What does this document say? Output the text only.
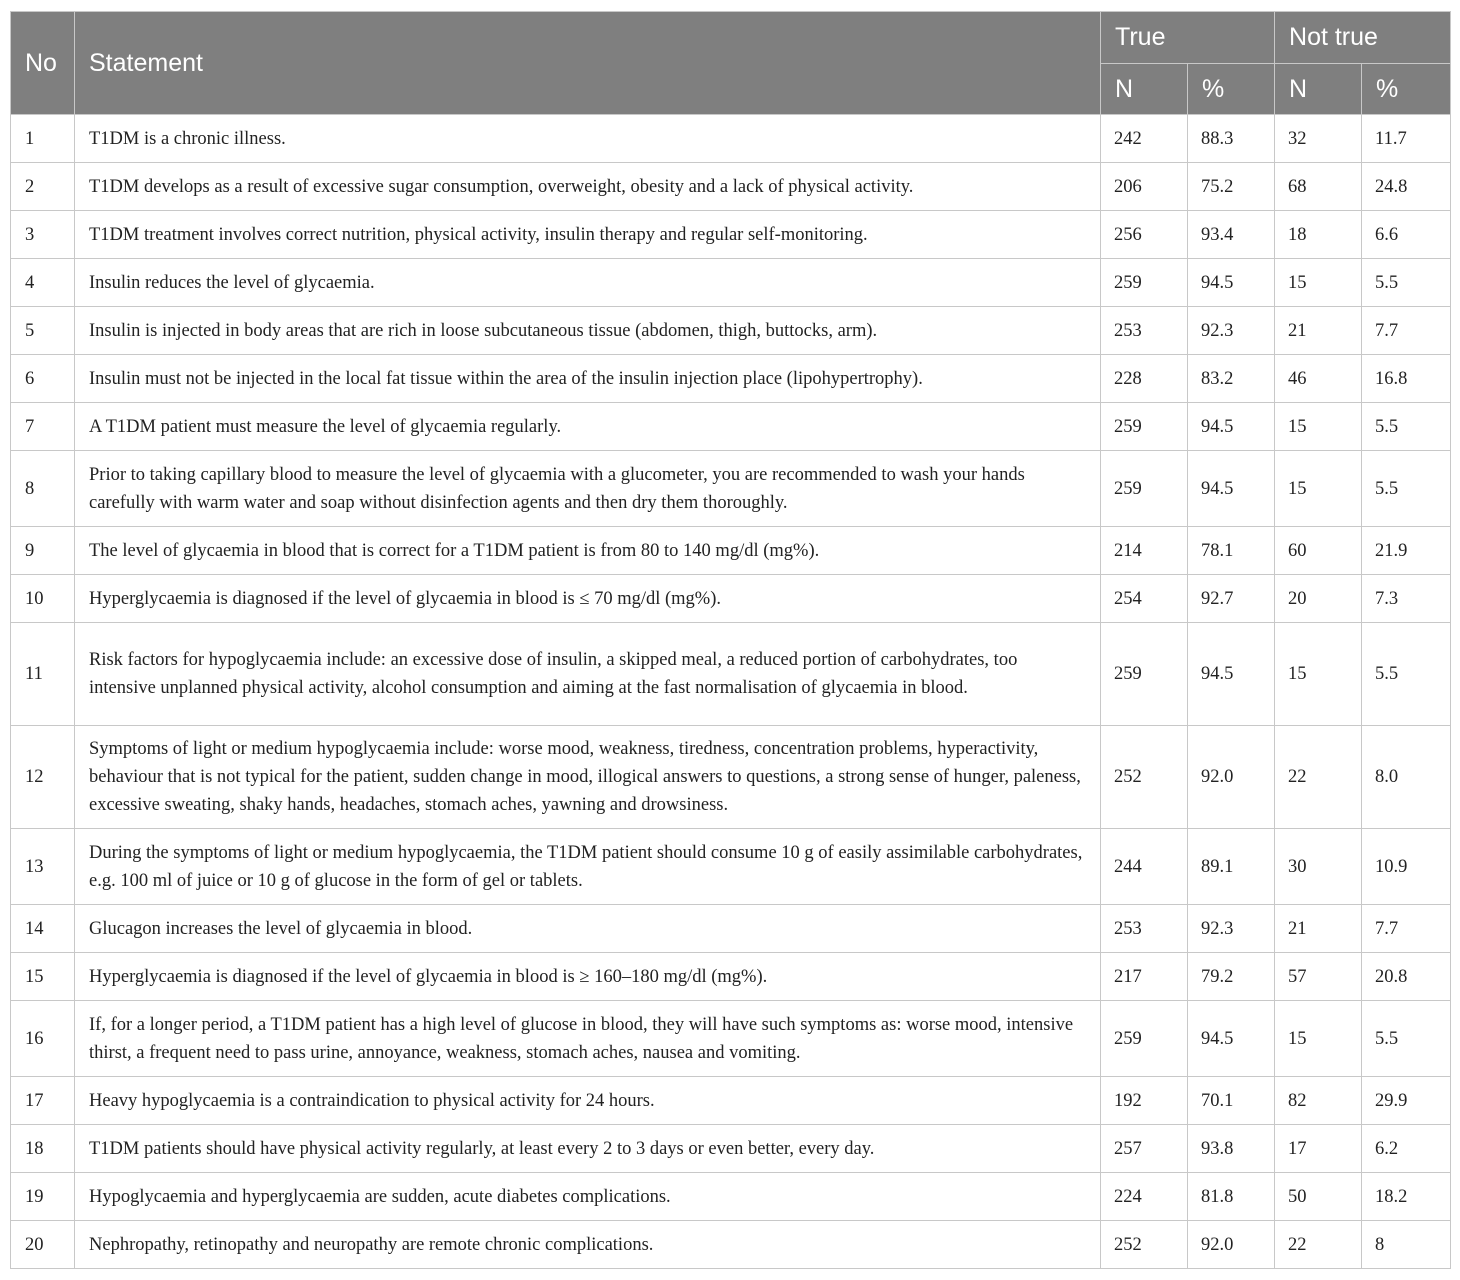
No	Statement	True		Not true	
		N	%	N	%
1	T1DM is a chronic illness.	242	88.3	32	11.7
2	T1DM develops as a result of excessive sugar consumption, overweight, obesity and a lack of physical activity.	206	75.2	68	24.8
3	T1DM treatment involves correct nutrition, physical activity, insulin therapy and regular self-monitoring.	256	93.4	18	6.6
4	Insulin reduces the level of glycaemia.	259	94.5	15	5.5
5	Insulin is injected in body areas that are rich in loose subcutaneous tissue (abdomen, thigh, buttocks, arm).	253	92.3	21	7.7
6	Insulin must not be injected in the local fat tissue within the area of the insulin injection place (lipohypertrophy).	228	83.2	46	16.8
7	A T1DM patient must measure the level of glycaemia regularly.	259	94.5	15	5.5
8	Prior to taking capillary blood to measure the level of glycaemia with a glucometer, you are recommended to wash your hands carefully with warm water and soap without disinfection agents and then dry them thoroughly.	259	94.5	15	5.5
9	The level of glycaemia in blood that is correct for a T1DM patient is from 80 to 140 mg/dl (mg%).	214	78.1	60	21.9
10	Hyperglycaemia is diagnosed if the level of glycaemia in blood is ≤ 70 mg/dl (mg%).	254	92.7	20	7.3
11	Risk factors for hypoglycaemia include: an excessive dose of insulin, a skipped meal, a reduced portion of carbohydrates, too intensive unplanned physical activity, alcohol consumption and aiming at the fast normalisation of glycaemia in blood.	259	94.5	15	5.5
12	Symptoms of light or medium hypoglycaemia include: worse mood, weakness, tiredness, concentration problems, hyperactivity, behaviour that is not typical for the patient, sudden change in mood, illogical answers to questions, a strong sense of hunger, paleness, excessive sweating, shaky hands, headaches, stomach aches, yawning and drowsiness.	252	92.0	22	8.0
13	During the symptoms of light or medium hypoglycaemia, the T1DM patient should consume 10 g of easily assimilable carbohydrates, e.g. 100 ml of juice or 10 g of glucose in the form of gel or tablets.	244	89.1	30	10.9
14	Glucagon increases the level of glycaemia in blood.	253	92.3	21	7.7
15	Hyperglycaemia is diagnosed if the level of glycaemia in blood is ≥ 160–180 mg/dl (mg%).	217	79.2	57	20.8
16	If, for a longer period, a T1DM patient has a high level of glucose in blood, they will have such symptoms as: worse mood, intensive thirst, a frequent need to pass urine, annoyance, weakness, stomach aches, nausea and vomiting.	259	94.5	15	5.5
17	Heavy hypoglycaemia is a contraindication to physical activity for 24 hours.	192	70.1	82	29.9
18	T1DM patients should have physical activity regularly, at least every 2 to 3 days or even better, every day.	257	93.8	17	6.2
19	Hypoglycaemia and hyperglycaemia are sudden, acute diabetes complications.	224	81.8	50	18.2
20	Nephropathy, retinopathy and neuropathy are remote chronic complications.	252	92.0	22	8
